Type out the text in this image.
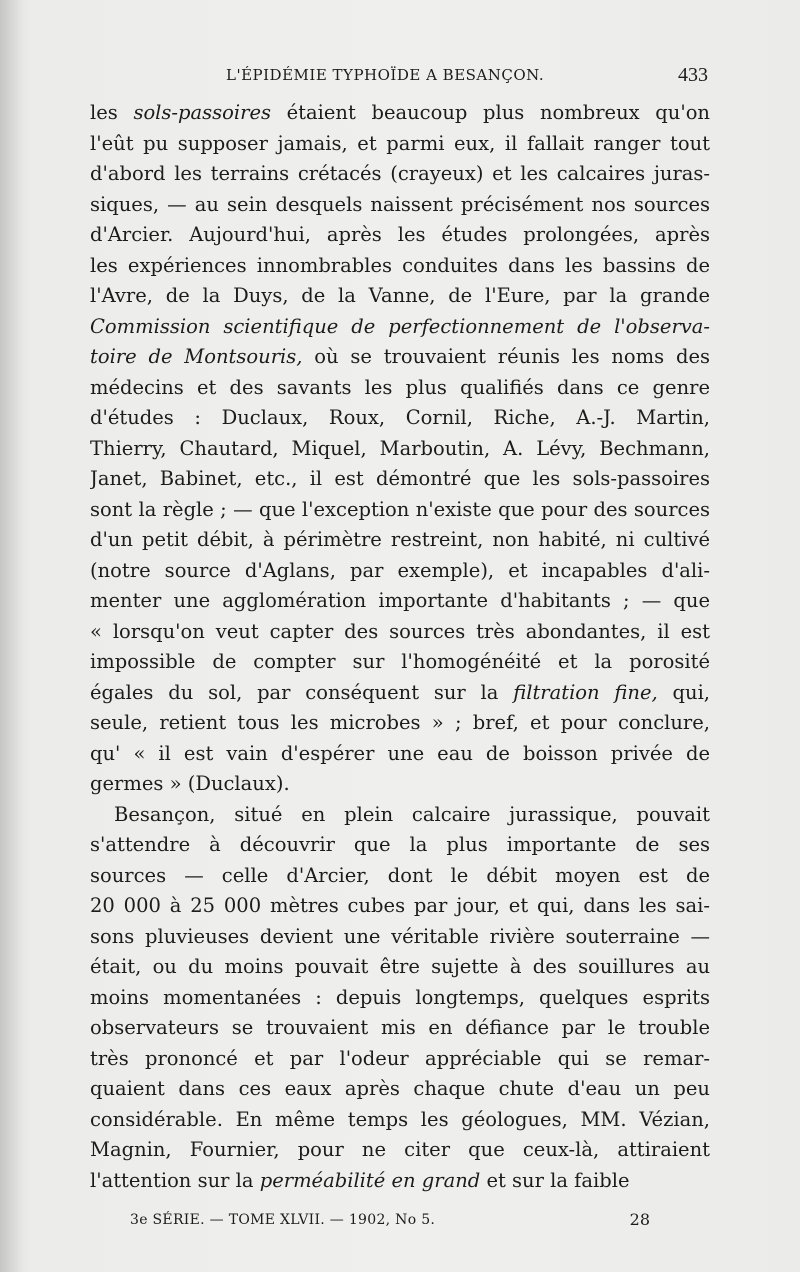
L'ÉPIDÉMIE TYPHOÏDE A BESANÇON.	433
les sols-passoires étaient beaucoup plus nombreux qu'on
l'eût pu supposer jamais, et parmi eux, il fallait ranger tout
d'abord les terrains crétacés (crayeux) et les calcaires juras-
siques, — au sein desquels naissent précisément nos sources
d'Arcier. Aujourd'hui, après les études prolongées, après
les expériences innombrables conduites dans les bassins de
l'Avre, de la Duys, de la Vanne, de l'Eure, par la grande
Commission scientifique de perfectionnement de l'observa-
toire de Montsouris, où se trouvaient réunis les noms des
médecins et des savants les plus qualifiés dans ce genre
d'études : Duclaux, Roux, Cornil, Riche, A.-J. Martin,
Thierry, Chautard, Miquel, Marboutin, A. Lévy, Bechmann,
Janet, Babinet, etc., il est démontré que les sols-passoires
sont la règle ; — que l'exception n'existe que pour des sources
d'un petit débit, à périmètre restreint, non habité, ni cultivé
(notre source d'Aglans, par exemple), et incapables d'ali-
menter une agglomération importante d'habitants ; — que
« lorsqu'on veut capter des sources très abondantes, il est
impossible de compter sur l'homogénéité et la porosité
égales du sol, par conséquent sur la filtration fine, qui,
seule, retient tous les microbes » ; bref, et pour conclure,
qu' « il est vain d'espérer une eau de boisson privée de
germes » (Duclaux).
Besançon, situé en plein calcaire jurassique, pouvait
s'attendre à découvrir que la plus importante de ses
sources — celle d'Arcier, dont le débit moyen est de
20 000 à 25 000 mètres cubes par jour, et qui, dans les sai-
sons pluvieuses devient une véritable rivière souterraine —
était, ou du moins pouvait être sujette à des souillures au
moins momentanées : depuis longtemps, quelques esprits
observateurs se trouvaient mis en défiance par le trouble
très prononcé et par l'odeur appréciable qui se remar-
quaient dans ces eaux après chaque chute d'eau un peu
considérable. En même temps les géologues, MM. Vézian,
Magnin, Fournier, pour ne citer que ceux-là, attiraient
l'attention sur la perméabilité en grand et sur la faible
3e SÉRIE. — TOME XLVII. — 1902, No 5.	28
